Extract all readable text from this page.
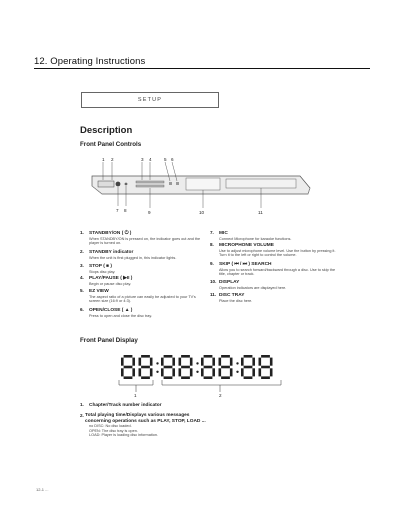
12. Operating Instructions
SETUP
Description
Front Panel Controls
1 2	3 4	5 6
7 8	9	10	11
1. STANDBY/ON ( ⏻ )
When STANDBY/ON is pressed on, the indicator goes out and the player is turned on.
2. STANDBY indicator
When the unit is first plugged in, this indicator lights.
3. STOP ( ■ )
Stops disc play.
4. PLAY/PAUSE ( ▶II )
Begin or pause disc play.
5. EZ VIEW
The aspect ratio of a picture can easily be adjusted to your TV's screen size (16:9 or 4:3).
6. OPEN/CLOSE ( ▲ )
Press to open and close the disc tray.
7. MIC
Connect Microphone for karaoke functions.
8. MICROPHONE VOLUME
Use to adjust microphone volume level. Use the button by pressing it. Turn it to the left or right to control the volume.
9. SKIP ( ⏮ / ⏭ ) SEARCH
Allow you to search forward/backward through a disc. Use to skip the title, chapter or track.
10. DISPLAY
Operation indicators are displayed here.
11. DISC TRAY
Place the disc here.
Front Panel Display
1	2
1. Chapter/Track number indicator
2. Total playing time/Displays various messages concerning operations such as PLAY, STOP, LOAD ...
no DISC: No disc loaded.
OPEN: The disc tray is open.
LOAD: Player is loading disc information.
12-1 ...
